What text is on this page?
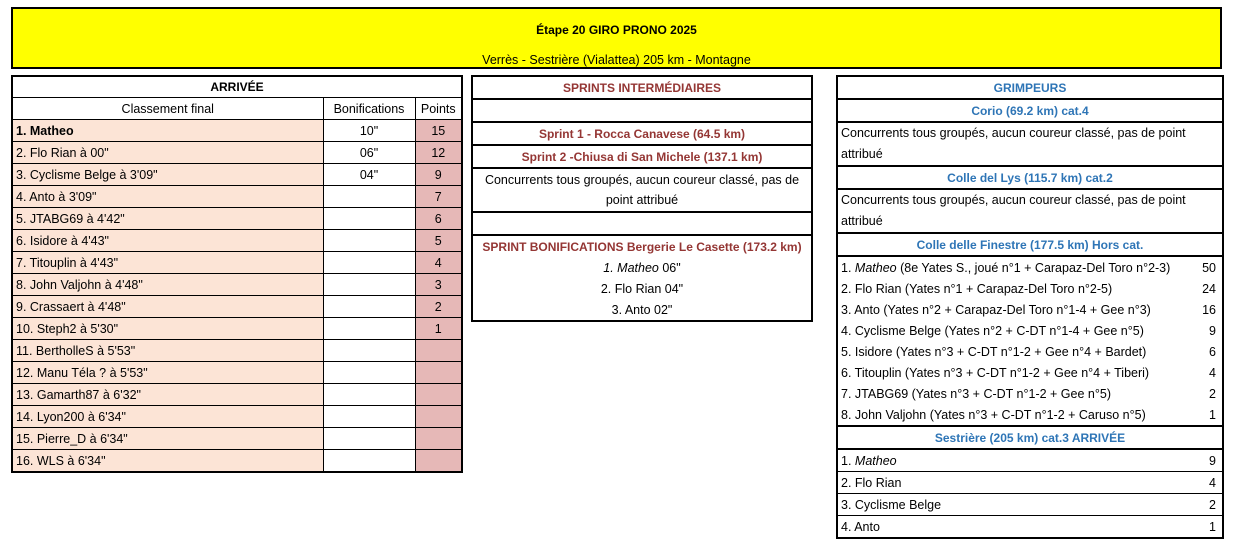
Étape 20 GIRO PRONO 2025
Verrès - Sestrière (Vialattea) 205 km - Montagne
ARRIVÉE		
Classement final	Bonifications	Points
1. Matheo	10"	15
2. Flo Rian à 00"	06"	12
3. Cyclisme Belge à 3'09"	04"	9
4. Anto à 3'09"		7
5. JTABG69 à 4'42"		6
6. Isidore à 4'43"		5
7. Titouplin à 4'43"		4
8. John Valjohn à 4'48"		3
9. Crassaert à 4'48"		2
10. Steph2 à 5'30"		1
11. BertholleS à 5'53"		
12. Manu Téla ? à 5'53"		
13. Gamarth87 à 6'32"		
14. Lyon200 à 6'34"		
15. Pierre_D à 6'34"		
16. WLS à 6'34"		
SPRINTS INTERMÉDIAIRES

Sprint 1 - Rocca Canavese (64.5 km)
Sprint 2 -Chiusa di San Michele (137.1 km)
Concurrents tous groupés, aucun coureur classé, pas de point attribué

SPRINT BONIFICATIONS Bergerie Le Casette (173.2 km)
1. Matheo 06"
2. Flo Rian 04"
3. Anto 02"
GRIMPEURS	
Corio (69.2 km) cat.4	
Concurrents tous groupés, aucun coureur classé, pas de point attribué	
Colle del Lys (115.7 km) cat.2	
Concurrents tous groupés, aucun coureur classé, pas de point attribué	
Colle delle Finestre (177.5 km) Hors cat.	
1. Matheo (8e Yates S., joué n°1 + Carapaz-Del Toro n°2-3)	50
2. Flo Rian (Yates n°1 + Carapaz-Del Toro n°2-5)	24
3. Anto (Yates n°2 + Carapaz-Del Toro n°1-4 + Gee n°3)	16
4. Cyclisme Belge (Yates n°2 + C-DT n°1-4 + Gee n°5)	9
5. Isidore (Yates n°3 + C-DT n°1-2 + Gee n°4 + Bardet)	6
6. Titouplin (Yates n°3 + C-DT n°1-2 + Gee n°4 + Tiberi)	4
7. JTABG69 (Yates n°3 + C-DT n°1-2 + Gee n°5)	2
8. John Valjohn (Yates n°3 + C-DT n°1-2 + Caruso n°5)	1
Sestrière (205 km) cat.3 ARRIVÉE	
1. Matheo	9
2. Flo Rian	4
3. Cyclisme Belge	2
4. Anto	1
